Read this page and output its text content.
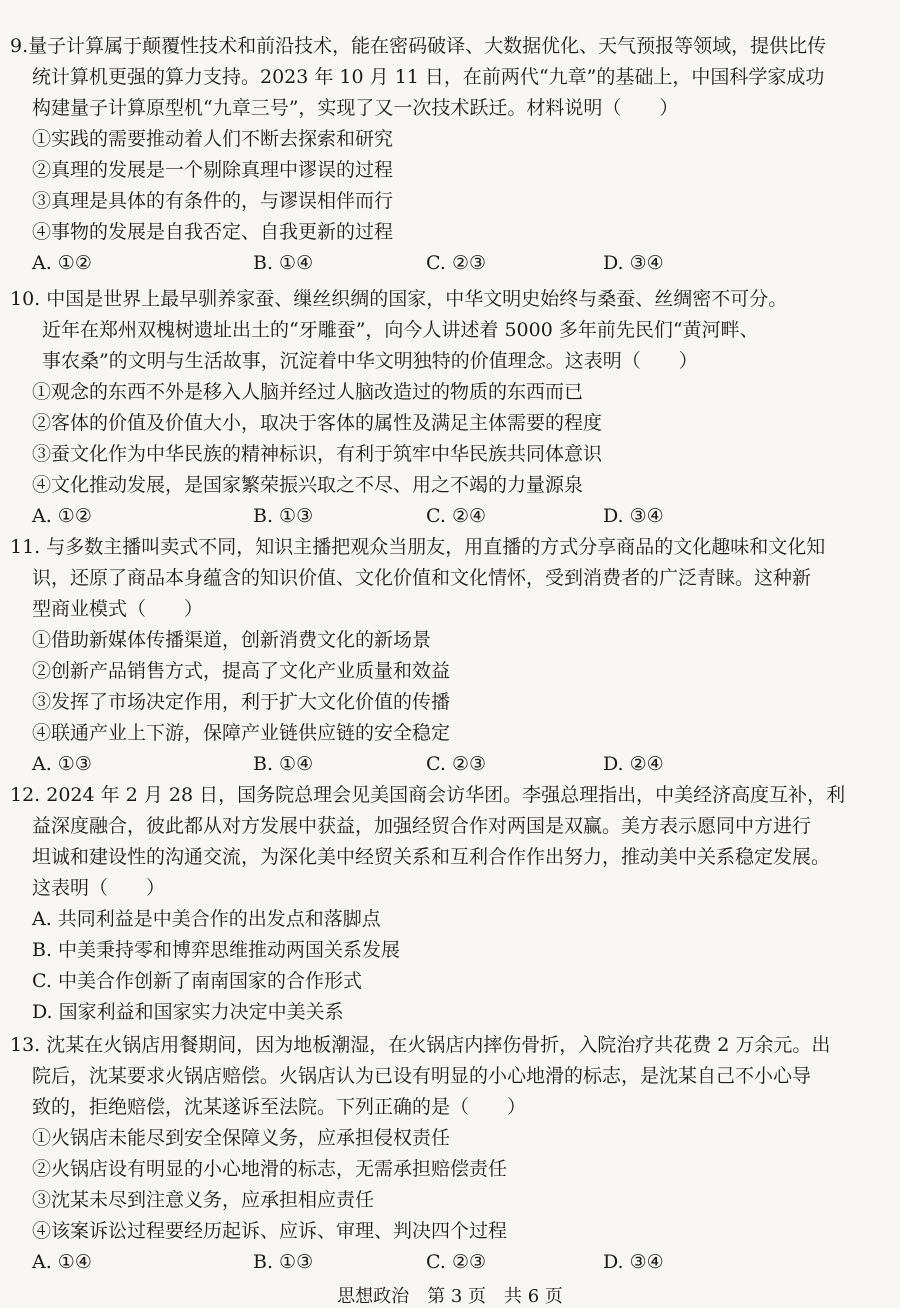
9.量子计算属于颠覆性技术和前沿技术，能在密码破译、大数据优化、天气预报等领域，提供比传
统计算机更强的算力支持。2023 年 10 月 11 日，在前两代“九章”的基础上，中国科学家成功
构建量子计算原型机“九章三号”，实现了又一次技术跃迁。材料说明（　　）
①实践的需要推动着人们不断去探索和研究
②真理的发展是一个剔除真理中谬误的过程
③真理是具体的有条件的，与谬误相伴而行
④事物的发展是自我否定、自我更新的过程
A. ①②	B. ①④	C. ②③	D. ③④
10. 中国是世界上最早驯养家蚕、缫丝织绸的国家，中华文明史始终与桑蚕、丝绸密不可分。
近年在郑州双槐树遗址出土的“牙雕蚕”，向今人讲述着 5000 多年前先民们“黄河畔、
事农桑”的文明与生活故事，沉淀着中华文明独特的价值理念。这表明（　　）
①观念的东西不外是移入人脑并经过人脑改造过的物质的东西而已
②客体的价值及价值大小，取决于客体的属性及满足主体需要的程度
③蚕文化作为中华民族的精神标识，有利于筑牢中华民族共同体意识
④文化推动发展，是国家繁荣振兴取之不尽、用之不竭的力量源泉
A. ①②	B. ①③	C. ②④	D. ③④
11. 与多数主播叫卖式不同，知识主播把观众当朋友，用直播的方式分享商品的文化趣味和文化知
识，还原了商品本身蕴含的知识价值、文化价值和文化情怀，受到消费者的广泛青睐。这种新
型商业模式（　　）
①借助新媒体传播渠道，创新消费文化的新场景
②创新产品销售方式，提高了文化产业质量和效益
③发挥了市场决定作用，利于扩大文化价值的传播
④联通产业上下游，保障产业链供应链的安全稳定
A. ①③	B. ①④	C. ②③	D. ②④
12. 2024 年 2 月 28 日，国务院总理会见美国商会访华团。李强总理指出，中美经济高度互补，利
益深度融合，彼此都从对方发展中获益，加强经贸合作对两国是双赢。美方表示愿同中方进行
坦诚和建设性的沟通交流，为深化美中经贸关系和互利合作作出努力，推动美中关系稳定发展。
这表明（　　）
A. 共同利益是中美合作的出发点和落脚点
B. 中美秉持零和博弈思维推动两国关系发展
C. 中美合作创新了南南国家的合作形式
D. 国家利益和国家实力决定中美关系
13. 沈某在火锅店用餐期间，因为地板潮湿，在火锅店内摔伤骨折，入院治疗共花费 2 万余元。出
院后，沈某要求火锅店赔偿。火锅店认为已设有明显的小心地滑的标志，是沈某自己不小心导
致的，拒绝赔偿，沈某遂诉至法院。下列正确的是（　　）
①火锅店未能尽到安全保障义务，应承担侵权责任
②火锅店设有明显的小心地滑的标志，无需承担赔偿责任
③沈某未尽到注意义务，应承担相应责任
④该案诉讼过程要经历起诉、应诉、审理、判决四个过程
A. ①④	B. ①③	C. ②③	D. ③④
思想政治　第 3 页　共 6 页
